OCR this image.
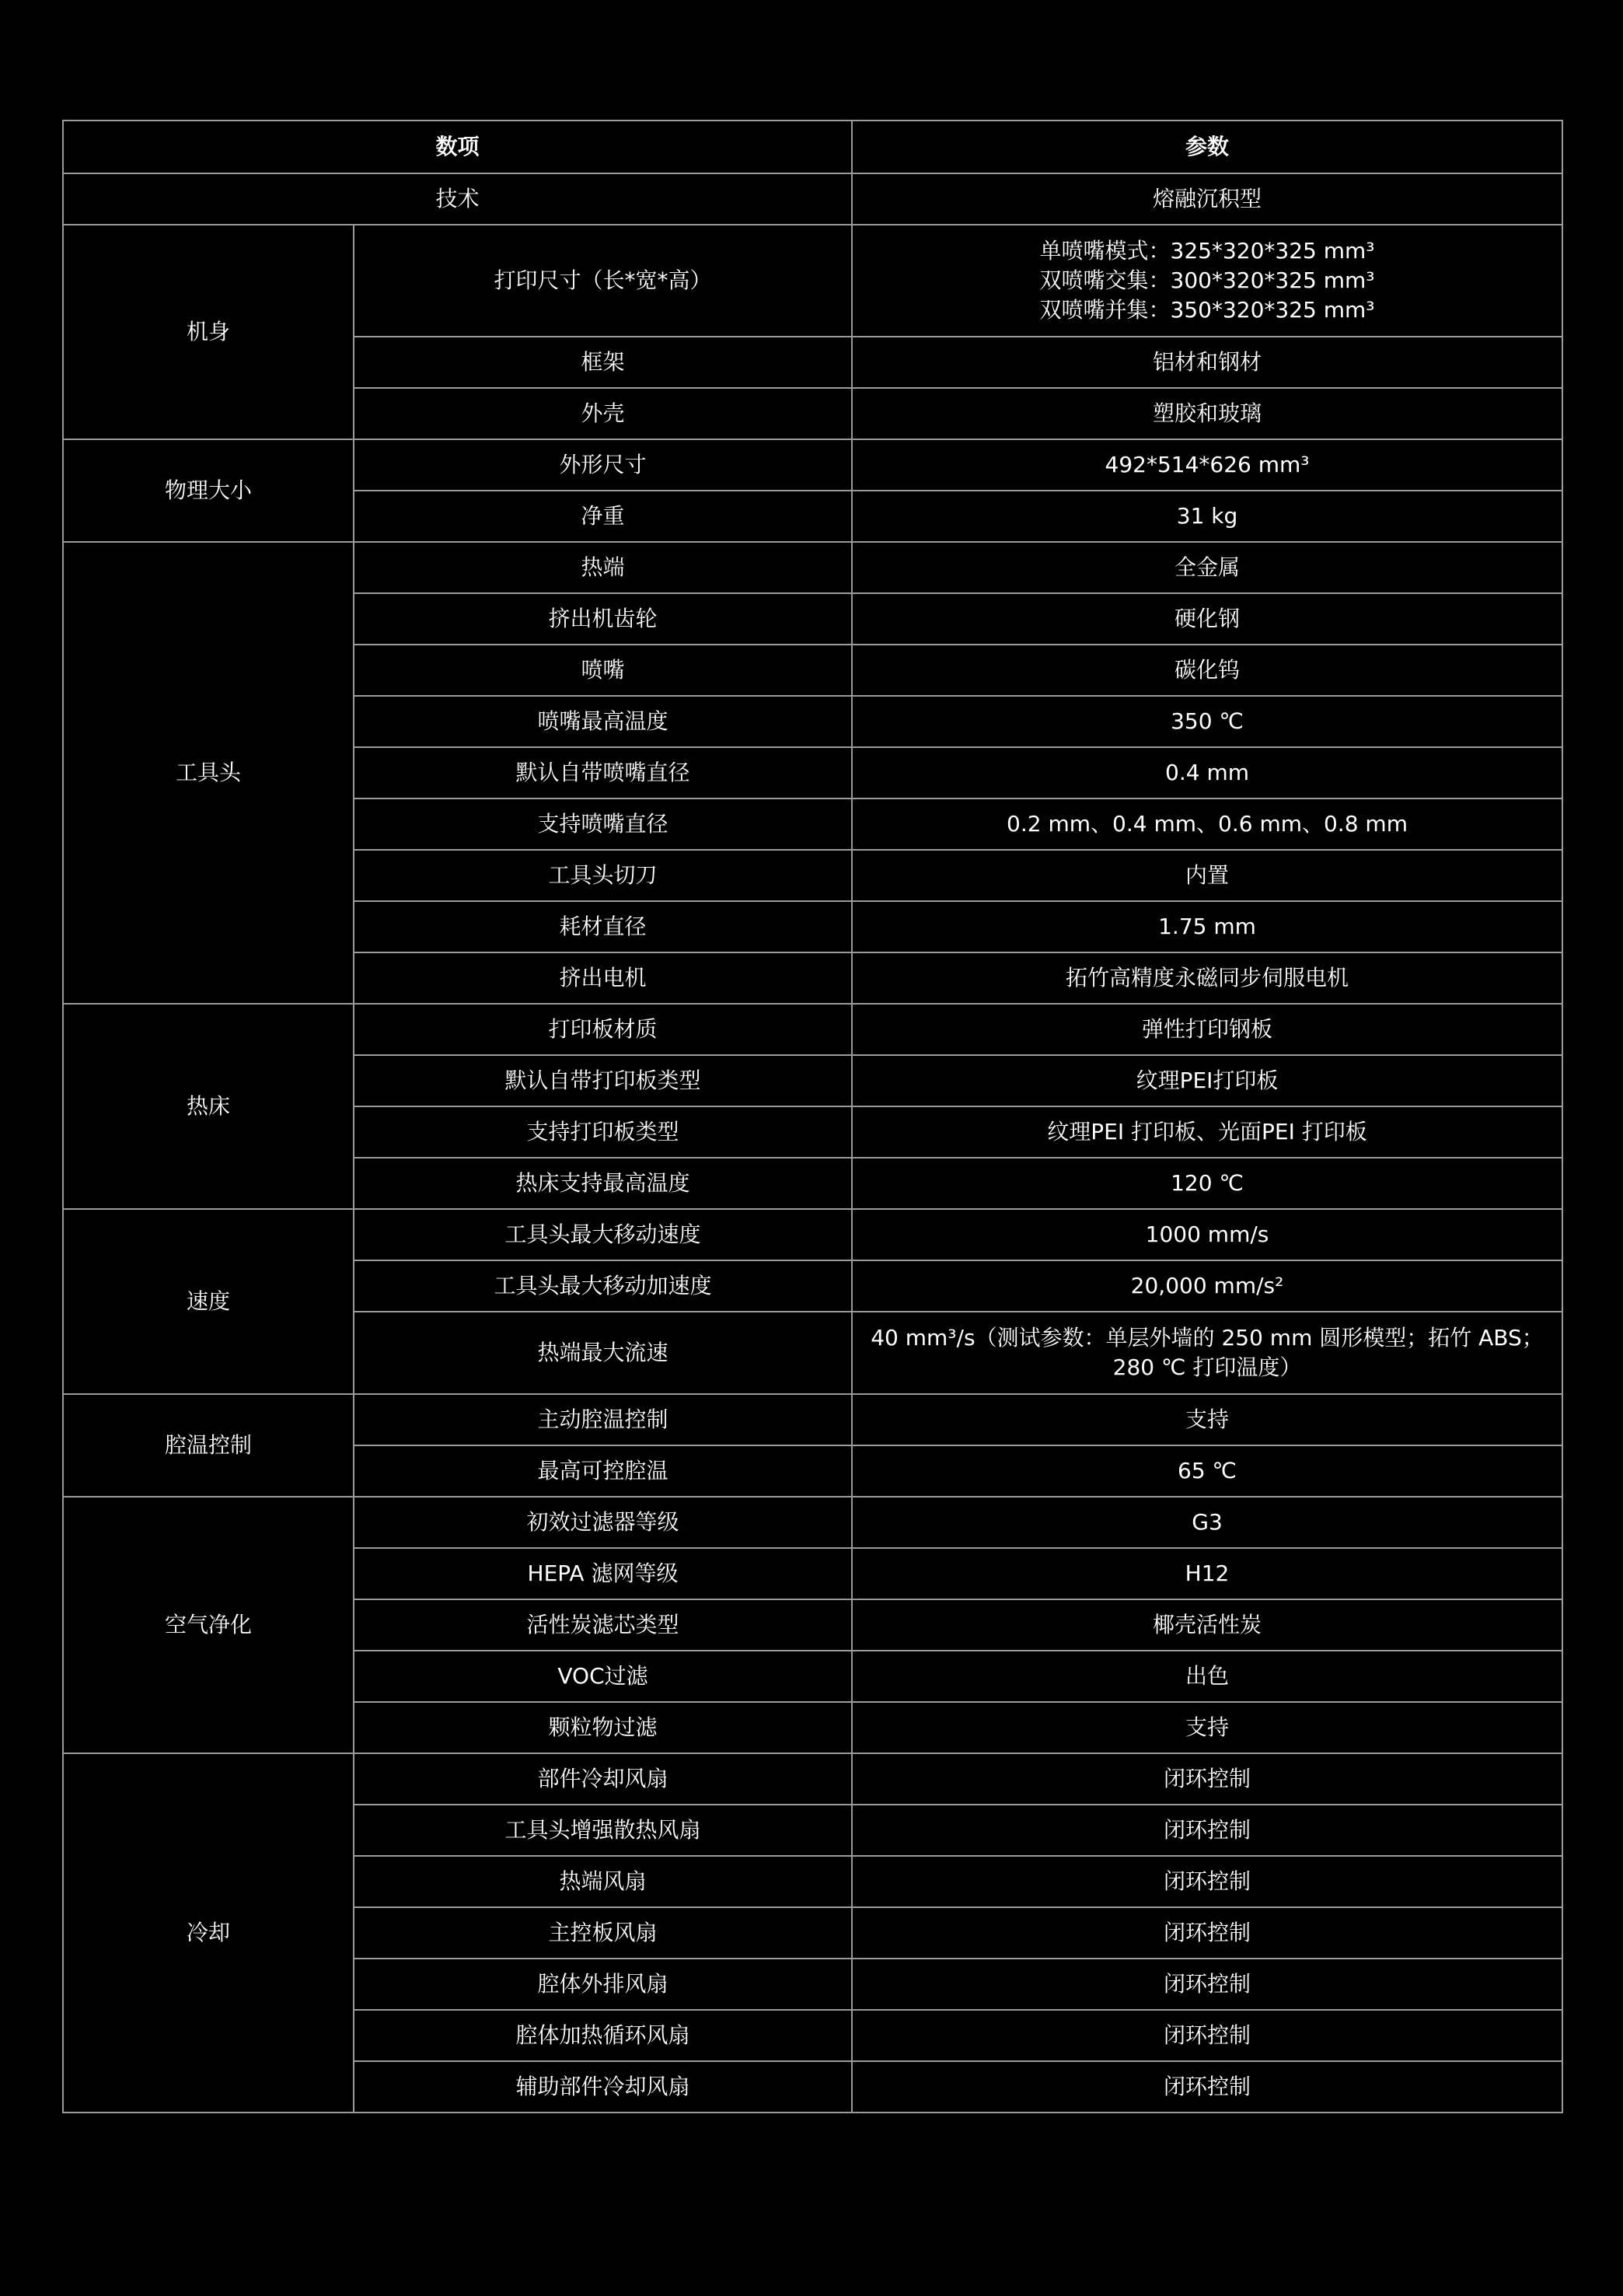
数项		参数
技术		熔融沉积型
机身	打印尺寸（长*宽*高）	单喷嘴模式：325*320*325 mm³
双喷嘴交集：300*320*325 mm³
双喷嘴并集：350*320*325 mm³

	框架	铝材和钢材
	外壳	塑胶和玻璃
物理大小	外形尺寸	492*514*626 mm³
	净重	31 kg
工具头	热端	全金属
	挤出机齿轮	硬化钢
	喷嘴	碳化钨
	喷嘴最高温度	350 ℃
	默认自带喷嘴直径	0.4 mm
	支持喷嘴直径	0.2 mm、0.4 mm、0.6 mm、0.8 mm
	工具头切刀	内置
	耗材直径	1.75 mm
	挤出电机	拓竹高精度永磁同步伺服电机
热床	打印板材质	弹性打印钢板
	默认自带打印板类型	纹理PEI打印板
	支持打印板类型	纹理PEI 打印板、光面PEI 打印板
	热床支持最高温度	120 ℃
速度	工具头最大移动速度	1000 mm/s
	工具头最大移动加速度	20,000 mm/s²
	热端最大流速	40 mm³/s（测试参数：单层外墙的 250 mm 圆形模型；拓竹 ABS；
280 ℃ 打印温度）

腔温控制	主动腔温控制	支持
	最高可控腔温	65 ℃
空气净化	初效过滤器等级	G3
	HEPA 滤网等级	H12
	活性炭滤芯类型	椰壳活性炭
	VOC过滤	出色
	颗粒物过滤	支持
冷却	部件冷却风扇	闭环控制
	工具头增强散热风扇	闭环控制
	热端风扇	闭环控制
	主控板风扇	闭环控制
	腔体外排风扇	闭环控制
	腔体加热循环风扇	闭环控制
	辅助部件冷却风扇	闭环控制
